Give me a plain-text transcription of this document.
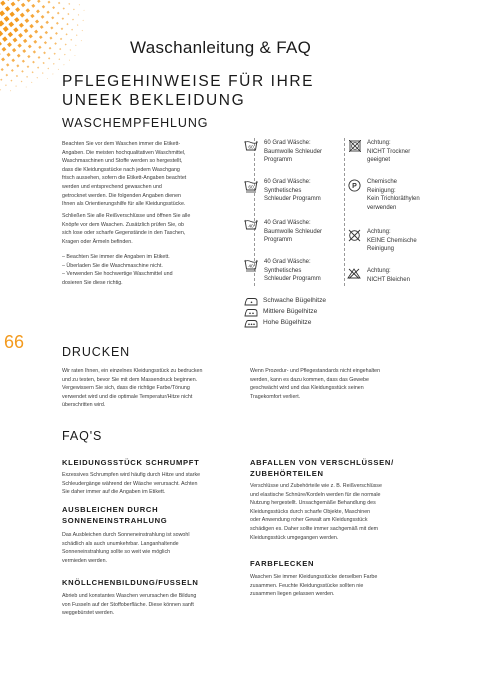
Waschanleitung & FAQ
66
PFLEGEHINWEISE FÜR IHRE
UNEEK BEKLEIDUNG
WASCHEMPFEHLUNG
Beachten Sie vor dem Waschen immer die Etikett-
Angaben. Die meisten hochqualitativen Waschmittel,
Waschmaschinen und Stoffe werden so hergestellt,
dass die Kleidungsstücke nach jedem Waschgang
frisch aussehen, sofern die Etikett-Angaben beachtet
werden und entsprechend gewaschen und
getrocknet werden. Die folgenden Angaben dienen
Ihnen als Orientierungshilfe für alle Kleidungsstücke.
Schließen Sie alle Reißverschlüsse und öffnen Sie alle
Knöpfe vor dem Waschen. Zusätzlich prüfen Sie, ob
sich lose oder scharfe Gegenstände in den Taschen,
Kragen oder Ärmeln befinden.
– Beachten Sie immer die Angaben im Etikett.
– Überladen Sie die Waschmaschine nicht.
– Verwenden Sie hochwertige Waschmittel und
dosieren Sie diese richtig.
60
60 Grad Wäsche:
Baumwolle Schleuder
Programm
60
60 Grad Wäsche:
Synthetisches
Schleuder Programm
40
40 Grad Wäsche:
Baumwolle Schleuder
Programm
40
40 Grad Wäsche:
Synthetisches
Schleuder Programm
Achtung:
NICHT Trockner
geeignet
P
Chemische
Reinigung:
Kein Trichloräthylen
verwenden
Achtung:
KEINE Chemische
Reinigung
Achtung:
NICHT Bleichen
Schwache Bügelhitze
Mittlere Bügelhitze
Hohe Bügelhitze
DRUCKEN
Wir raten Ihnen, ein einzelnes Kleidungsstück zu bedrucken
und zu testen, bevor Sie mit dem Massendruck beginnen.
Vergewissern Sie sich, dass die richtige Farbe/Tönung
verwendet wird und die optimale Temperatur/Hitze nicht
überschritten wird.
Wenn Prozedur- und Pflegestandards nicht eingehalten
werden, kann es dazu kommen, dass das Gewebe
geschwächt wird und das Kleidungsstück seinen
Tragekomfort verliert.
FAQ'S
KLEIDUNGSSTÜCK SCHRUMPFT
Exzessives Schrumpfen wird häufig durch Hitze und starke
Schleudergänge während der Wäsche verursacht. Achten
Sie daher immer auf die Angaben im Etikett.
AUSBLEICHEN DURCH
SONNENEINSTRAHLUNG
Das Ausbleichen durch Sonneneinstrahlung ist sowohl
schädlich als auch unumkehrbar. Langanhaltende
Sonneneinstrahlung sollte so weit wie möglich
vermieden werden.
KNÖLLCHENBILDUNG/FUSSELN
Abrieb und konstantes Waschen verursachen die Bildung
von Fusseln auf der Stoffoberfläche. Diese können sanft
weggebürstet werden.
ABFALLEN VON VERSCHLÜSSEN/
ZUBEHÖRTEILEN
Verschlüsse und Zubehörteile wie z. B. Reißverschlüsse
und elastische Schnüre/Kordeln werden für die normale
Nutzung hergestellt. Unsachgemäße Behandlung des
Kleidungsstücks durch scharfe Objekte, Maschinen
oder Anwendung roher Gewalt am Kleidungsstück
schädigen es. Daher sollte immer sachgemäß mit dem
Kleidungsstück umgegangen werden.
FARBFLECKEN
Waschen Sie immer Kleidungsstücke derselben Farbe
zusammen. Feuchte Kleidungsstücke sollten nie
zusammen liegen gelassen werden.
